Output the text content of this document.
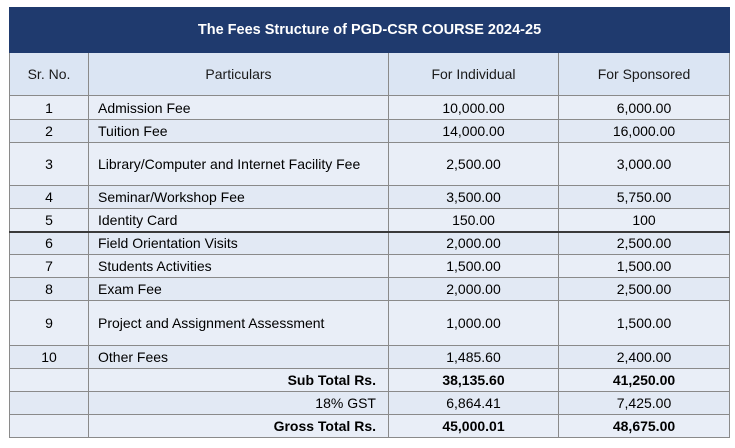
The Fees Structure of PGD-CSR COURSE 2024-25			
Sr. No.	Particulars	For Individual	For Sponsored
1	Admission Fee	10,000.00	6,000.00
2	Tuition Fee	14,000.00	16,000.00
3	Library/Computer and Internet Facility Fee	2,500.00	3,000.00
4	Seminar/Workshop Fee	3,500.00	5,750.00
5	Identity Card	150.00	100
6	Field Orientation Visits	2,000.00	2,500.00
7	Students Activities	1,500.00	1,500.00
8	Exam Fee	2,000.00	2,500.00
9	Project and Assignment Assessment	1,000.00	1,500.00
10	Other Fees	1,485.60	2,400.00
	Sub Total Rs.	38,135.60	41,250.00
	18% GST	6,864.41	7,425.00
	Gross Total Rs.	45,000.01	48,675.00
